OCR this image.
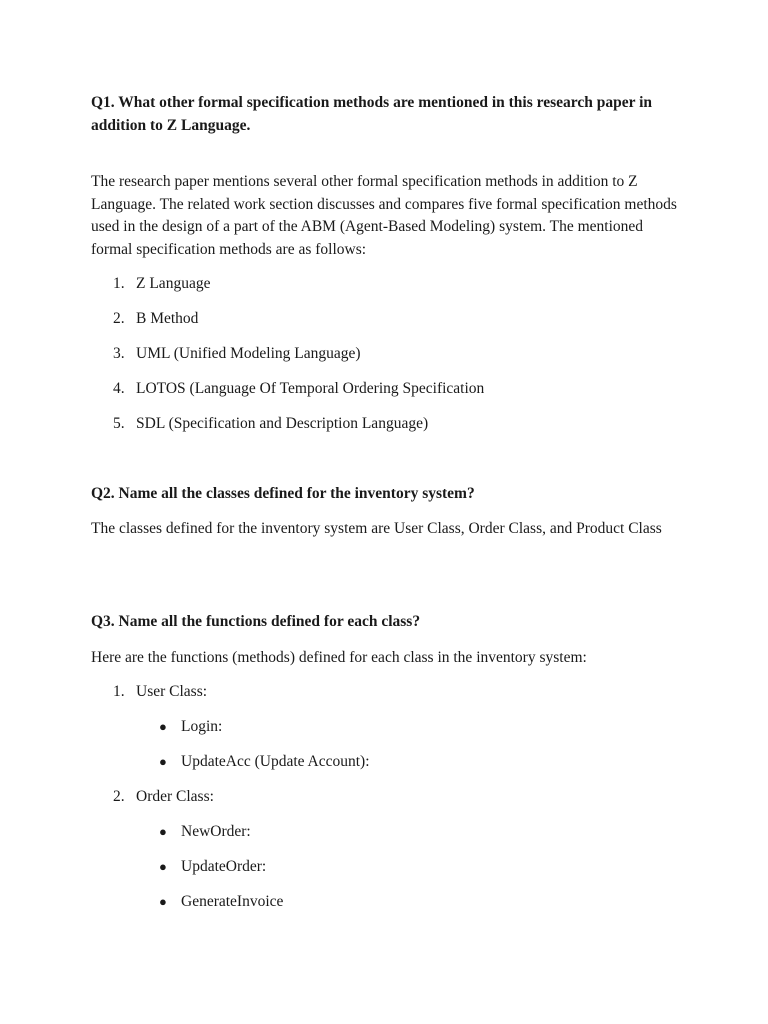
Q1. What other formal specification methods are mentioned in this research paper in addition to Z Language.
The research paper mentions several other formal specification methods in addition to Z Language. The related work section discusses and compares five formal specification methods used in the design of a part of the ABM (Agent-Based Modeling) system. The mentioned formal specification methods are as follows:
1. Z Language
2. B Method
3. UML (Unified Modeling Language)
4. LOTOS (Language Of Temporal Ordering Specification
5. SDL (Specification and Description Language)
Q2. Name all the classes defined for the inventory system?
The classes defined for the inventory system are User Class, Order Class, and Product Class
Q3. Name all the functions defined for each class?
Here are the functions (methods) defined for each class in the inventory system:
1. User Class:
● Login:
● UpdateAcc (Update Account):
2. Order Class:
● NewOrder:
● UpdateOrder:
● GenerateInvoice
